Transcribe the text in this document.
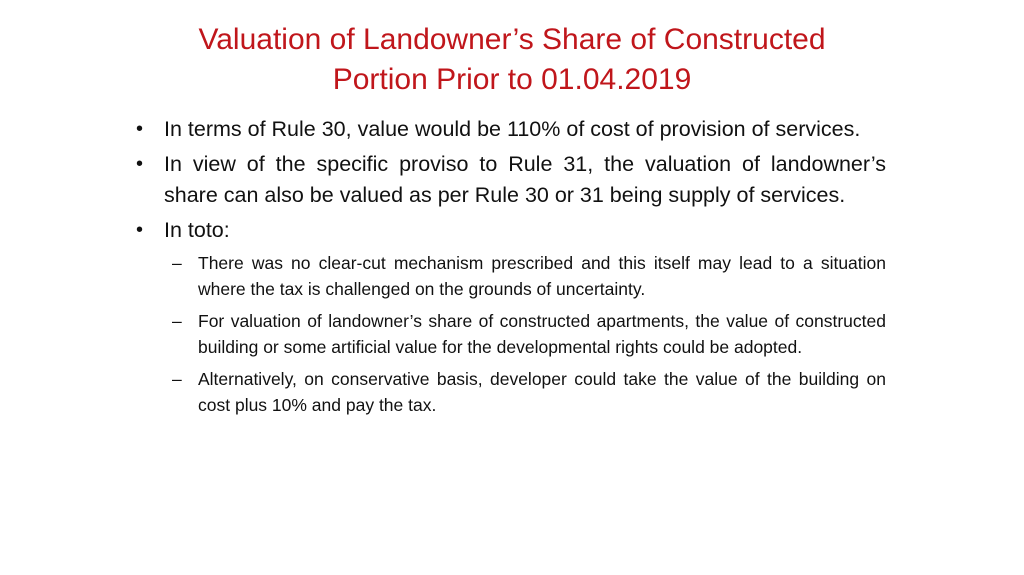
Valuation of Landowner’s Share of Constructed
Portion Prior to 01.04.2019
• In terms of Rule 30, value would be 110% of cost of provision of services.
• In view of the specific proviso to Rule 31, the valuation of landowner’s share can also be valued as per Rule 30 or 31 being supply of services.
• In toto:
– There was no clear-cut mechanism prescribed and this itself may lead to a situation where the tax is challenged on the grounds of uncertainty.
– For valuation of landowner’s share of constructed apartments, the value of constructed building or some artificial value for the developmental rights could be adopted.
– Alternatively, on conservative basis, developer could take the value of the building on cost plus 10% and pay the tax.
